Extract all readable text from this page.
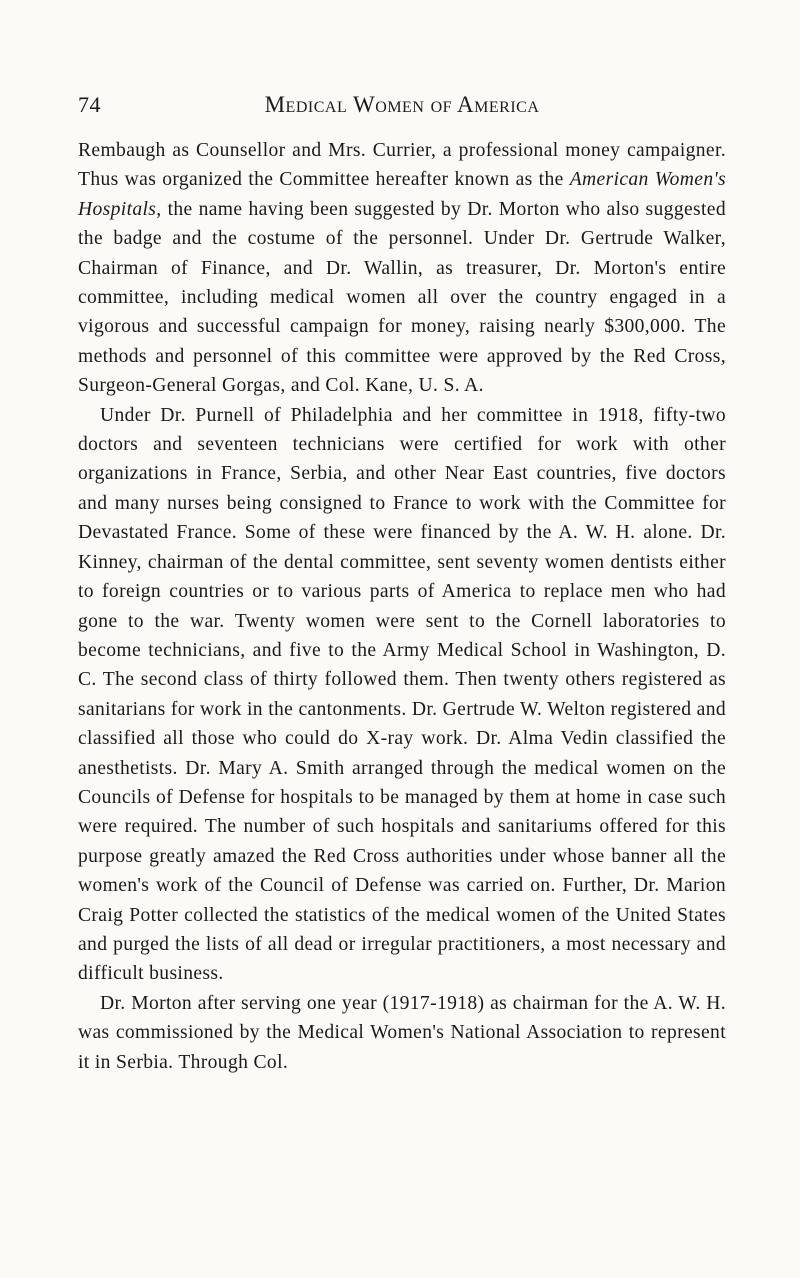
74	Medical Women of America

Rembaugh as Counsellor and Mrs. Currier, a professional money campaigner. Thus was organized the Committee hereafter known as the American Women's Hospitals, the name having been suggested by Dr. Morton who also suggested the badge and the costume of the personnel. Under Dr. Gertrude Walker, Chairman of Finance, and Dr. Wallin, as treasurer, Dr. Morton's entire committee, including medical women all over the country engaged in a vigorous and successful campaign for money, raising nearly $300,000. The methods and personnel of this committee were approved by the Red Cross, Surgeon-General Gorgas, and Col. Kane, U. S. A.

Under Dr. Purnell of Philadelphia and her committee in 1918, fifty-two doctors and seventeen technicians were certified for work with other organizations in France, Serbia, and other Near East countries, five doctors and many nurses being consigned to France to work with the Committee for Devastated France. Some of these were financed by the A. W. H. alone. Dr. Kinney, chairman of the dental committee, sent seventy women dentists either to foreign countries or to various parts of America to replace men who had gone to the war. Twenty women were sent to the Cornell laboratories to become technicians, and five to the Army Medical School in Washington, D. C. The second class of thirty followed them. Then twenty others registered as sanitarians for work in the cantonments. Dr. Gertrude W. Welton registered and classified all those who could do X-ray work. Dr. Alma Vedin classified the anesthetists. Dr. Mary A. Smith arranged through the medical women on the Councils of Defense for hospitals to be managed by them at home in case such were required. The number of such hospitals and sanitariums offered for this purpose greatly amazed the Red Cross authorities under whose banner all the women's work of the Council of Defense was carried on. Further, Dr. Marion Craig Potter collected the statistics of the medical women of the United States and purged the lists of all dead or irregular practitioners, a most necessary and difficult business.

Dr. Morton after serving one year (1917-1918) as chairman for the A. W. H. was commissioned by the Medical Women's National Association to represent it in Serbia. Through Col.
